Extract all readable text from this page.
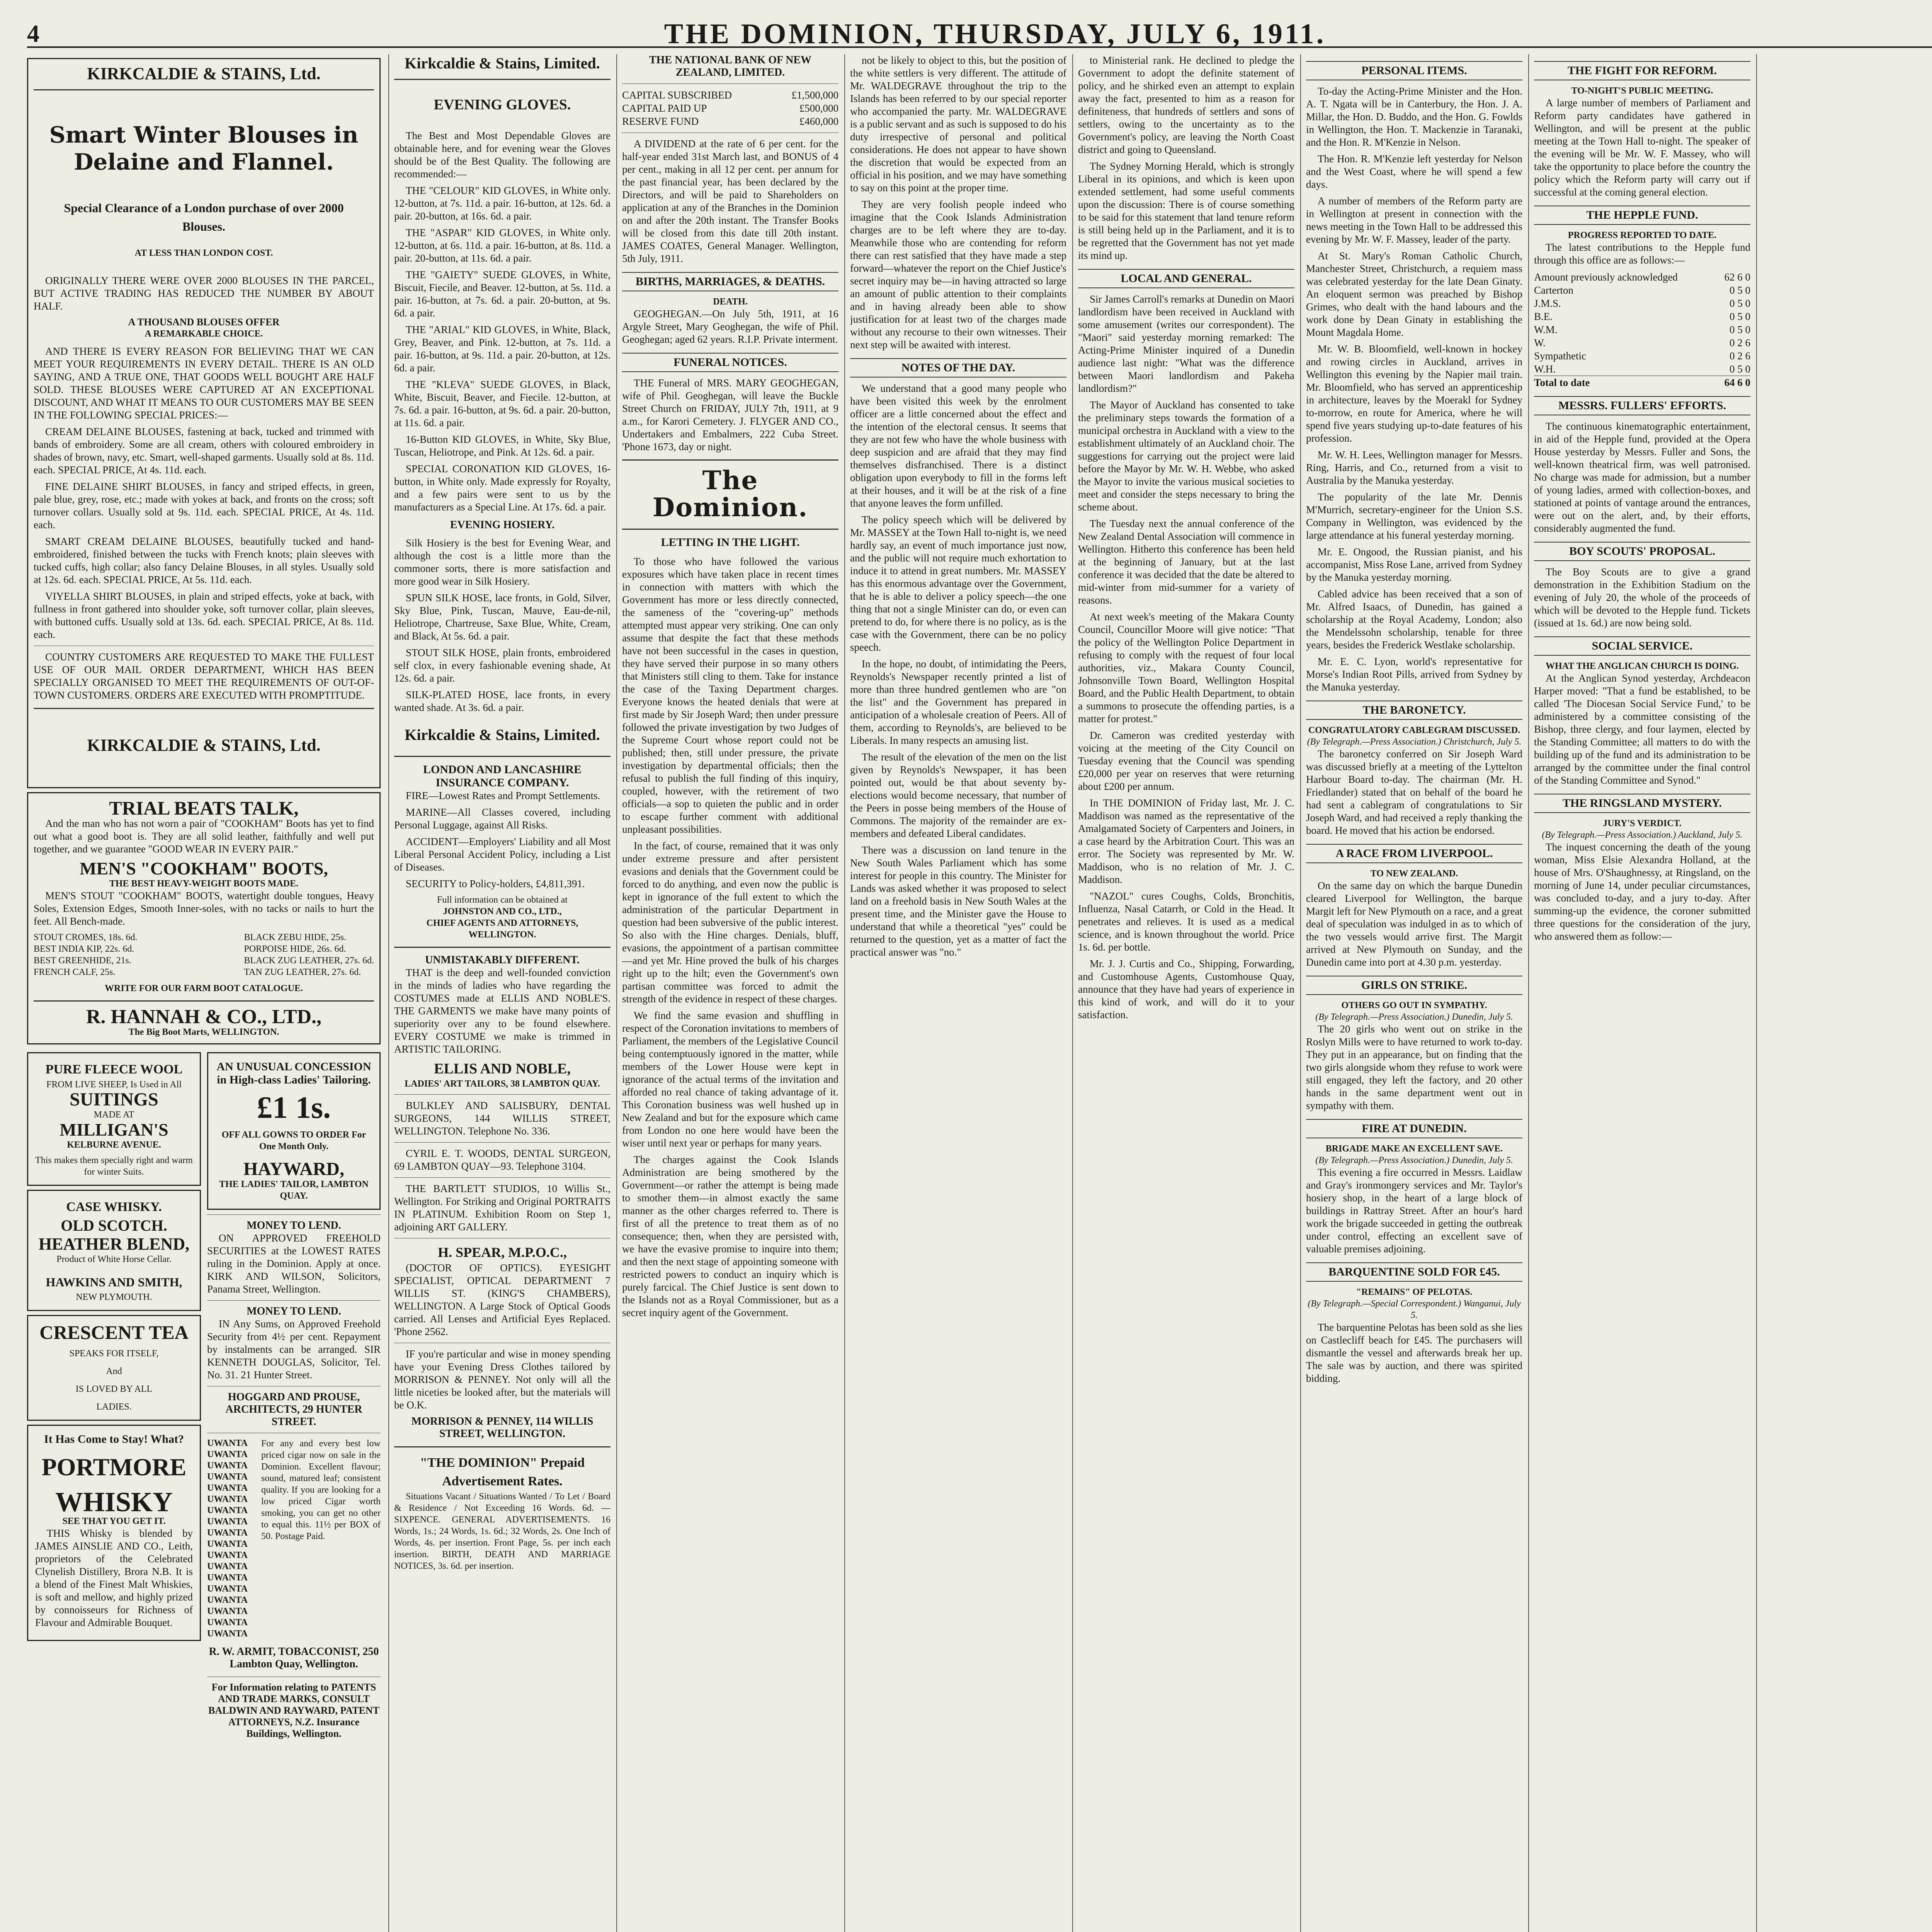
4	THE DOMINION, THURSDAY, JULY 6, 1911.
KIRKCALDIE & STAINS, Ltd.
Smart Winter Blouses in Delaine and Flannel.
Special Clearance of a London purchase of over 2000 Blouses.
AT LESS THAN LONDON COST.

ORIGINALLY THERE WERE OVER 2000 BLOUSES IN THE PARCEL, BUT ACTIVE TRADING HAS REDUCED THE NUMBER BY ABOUT HALF.

A THOUSAND BLOUSES OFFER
A REMARKABLE CHOICE.

AND THERE IS EVERY REASON FOR BELIEVING THAT WE CAN MEET YOUR REQUIREMENTS IN EVERY DETAIL. THERE IS AN OLD SAYING, AND A TRUE ONE, THAT GOODS WELL BOUGHT ARE HALF SOLD. THESE BLOUSES WERE CAPTURED AT AN EXCEPTIONAL DISCOUNT, AND WHAT IT MEANS TO OUR CUSTOMERS MAY BE SEEN IN THE FOLLOWING SPECIAL PRICES:—

CREAM DELAINE BLOUSES, fastening at back, tucked and trimmed with bands of embroidery. Some are all cream, others with coloured embroidery in shades of brown, navy, etc. Smart, well-shaped garments. Usually sold at 8s. 11d. each. SPECIAL PRICE, At 4s. 11d. each.

FINE DELAINE SHIRT BLOUSES, in fancy and striped effects, in green, pale blue, grey, rose, etc.; made with yokes at back, and fronts on the cross; soft turnover collars. Usually sold at 9s. 11d. each. SPECIAL PRICE, At 4s. 11d. each.

SMART CREAM DELAINE BLOUSES, beautifully tucked and hand-embroidered, finished between the tucks with French knots; plain sleeves with tucked cuffs, high collar; also fancy Delaine Blouses, in all styles. Usually sold at 12s. 6d. each. SPECIAL PRICE, At 5s. 11d. each.

VIYELLA SHIRT BLOUSES, in plain and striped effects, yoke at back, with fullness in front gathered into shoulder yoke, soft turnover collar, plain sleeves, with buttoned cuffs. Usually sold at 13s. 6d. each. SPECIAL PRICE, At 8s. 11d. each.

COUNTRY CUSTOMERS ARE REQUESTED TO MAKE THE FULLEST USE OF OUR MAIL ORDER DEPARTMENT, WHICH HAS BEEN SPECIALLY ORGANISED TO MEET THE REQUIREMENTS OF OUT-OF-TOWN CUSTOMERS. ORDERS ARE EXECUTED WITH PROMPTITUDE.

KIRKCALDIE & STAINS, Ltd.
TRIAL BEATS TALK,

And the man who has not worn a pair of "COOKHAM" Boots has yet to find out what a good boot is. They are all solid leather, faithfully and well put together, and we guarantee "GOOD WEAR IN EVERY PAIR."

MEN'S "COOKHAM" BOOTS,
THE BEST HEAVY-WEIGHT BOOTS MADE.

MEN'S STOUT "COOKHAM" BOOTS, watertight double tongues, Heavy Soles, Extension Edges, Smooth Inner-soles, with no tacks or nails to hurt the feet. All Bench-made.

STOUT CROMES, 18s. 6d.
BEST INDIA KIP, 22s. 6d.
BEST GREENHIDE, 21s.
FRENCH CALF, 25s.
BLACK ZEBU HIDE, 25s.
PORPOISE HIDE, 26s. 6d.
BLACK ZUG LEATHER, 27s. 6d.
TAN ZUG LEATHER, 27s. 6d.
WRITE FOR OUR FARM BOOT CATALOGUE.
R. HANNAH & CO., LTD.,
The Big Boot Marts, WELLINGTON.
PURE FLEECE WOOL
FROM LIVE SHEEP, Is Used in All
SUITINGS
MADE AT
MILLIGAN'S
KELBURNE AVENUE.
This makes them specially right and warm for winter Suits.
CASE WHISKY.
OLD SCOTCH.
HEATHER BLEND,
Product of White Horse Cellar.
HAWKINS AND SMITH,
NEW PLYMOUTH.
CRESCENT TEA
SPEAKS FOR ITSELF,
And
IS LOVED BY ALL
LADIES.
It Has Come to Stay! What?
PORTMORE
WHISKY
SEE THAT YOU GET IT.

THIS Whisky is blended by JAMES AINSLIE AND CO., Leith, proprietors of the Celebrated Clynelish Distillery, Brora N.B. It is a blend of the Finest Malt Whiskies, is soft and mellow, and highly prized by connoisseurs for Richness of Flavour and Admirable Bouquet.

AN UNUSUAL CONCESSION in High-class Ladies' Tailoring.
£1 1s.
OFF ALL GOWNS TO ORDER For One Month Only.
HAYWARD,
THE LADIES' TAILOR, LAMBTON QUAY.
MONEY TO LEND.

ON APPROVED FREEHOLD SECURITIES at the LOWEST RATES ruling in the Dominion. Apply at once. KIRK AND WILSON, Solicitors, Panama Street, Wellington.

MONEY TO LEND.

IN Any Sums, on Approved Freehold Security from 4½ per cent. Repayment by instalments can be arranged. SIR KENNETH DOUGLAS, Solicitor, Tel. No. 31. 21 Hunter Street.

HOGGARD AND PROUSE, ARCHITECTS, 29 HUNTER STREET.
UWANTA
UWANTA
UWANTA
UWANTA
UWANTA
UWANTA
UWANTA
UWANTA
UWANTA
UWANTA
UWANTA
UWANTA
UWANTA
UWANTA
UWANTA
UWANTA
UWANTA
UWANTA

For any and every best low priced cigar now on sale in the Dominion. Excellent flavour; sound, matured leaf; consistent quality. If you are looking for a low priced Cigar worth smoking, you can get no other to equal this. 11½ per BOX of 50. Postage Paid.

R. W. ARMIT, TOBACCONIST, 250 Lambton Quay, Wellington.
For Information relating to PATENTS AND TRADE MARKS, CONSULT BALDWIN AND RAYWARD, PATENT ATTORNEYS, N.Z. Insurance Buildings, Wellington.
Kirkcaldie & Stains, Limited.
EVENING GLOVES.

The Best and Most Dependable Gloves are obtainable here, and for evening wear the Gloves should be of the Best Quality. The following are recommended:—

THE "CELOUR" KID GLOVES, in White only. 12-button, at 7s. 11d. a pair. 16-button, at 12s. 6d. a pair. 20-button, at 16s. 6d. a pair.

THE "ASPAR" KID GLOVES, in White only. 12-button, at 6s. 11d. a pair. 16-button, at 8s. 11d. a pair. 20-button, at 11s. 6d. a pair.

THE "GAIETY" SUEDE GLOVES, in White, Biscuit, Fiecile, and Beaver. 12-button, at 5s. 11d. a pair. 16-button, at 7s. 6d. a pair. 20-button, at 9s. 6d. a pair.

THE "ARIAL" KID GLOVES, in White, Black, Grey, Beaver, and Pink. 12-button, at 7s. 11d. a pair. 16-button, at 9s. 11d. a pair. 20-button, at 12s. 6d. a pair.

THE "KLEVA" SUEDE GLOVES, in Black, White, Biscuit, Beaver, and Fiecile. 12-button, at 7s. 6d. a pair. 16-button, at 9s. 6d. a pair. 20-button, at 11s. 6d. a pair.

16-Button KID GLOVES, in White, Sky Blue, Tuscan, Heliotrope, and Pink. At 12s. 6d. a pair.

SPECIAL CORONATION KID GLOVES, 16-button, in White only. Made expressly for Royalty, and a few pairs were sent to us by the manufacturers as a Special Line. At 17s. 6d. a pair.

EVENING HOSIERY.

Silk Hosiery is the best for Evening Wear, and although the cost is a little more than the commoner sorts, there is more satisfaction and more good wear in Silk Hosiery.

SPUN SILK HOSE, lace fronts, in Gold, Silver, Sky Blue, Pink, Tuscan, Mauve, Eau-de-nil, Heliotrope, Chartreuse, Saxe Blue, White, Cream, and Black, At 5s. 6d. a pair.

STOUT SILK HOSE, plain fronts, embroidered self clox, in every fashionable evening shade, At 12s. 6d. a pair.

SILK-PLATED HOSE, lace fronts, in every wanted shade. At 3s. 6d. a pair.

Kirkcaldie & Stains, Limited.
LONDON AND LANCASHIRE INSURANCE COMPANY.

FIRE—Lowest Rates and Prompt Settlements.

MARINE—All Classes covered, including Personal Luggage, against All Risks.

ACCIDENT—Employers' Liability and all Most Liberal Personal Accident Policy, including a List of Diseases.

SECURITY to Policy-holders, £4,811,391.

Full information can be obtained at
JOHNSTON AND CO., LTD.,
CHIEF AGENTS AND ATTORNEYS, WELLINGTON.
UNMISTAKABLY DIFFERENT.

THAT is the deep and well-founded conviction in the minds of ladies who have regarding the COSTUMES made at ELLIS AND NOBLE'S. THE GARMENTS we make have many points of superiority over any to be found elsewhere. EVERY COSTUME we make is trimmed in ARTISTIC TAILORING.

ELLIS AND NOBLE,
LADIES' ART TAILORS, 38 LAMBTON QUAY.

BULKLEY AND SALISBURY, DENTAL SURGEONS, 144 WILLIS STREET, WELLINGTON. Telephone No. 336.

CYRIL E. T. WOODS, DENTAL SURGEON, 69 LAMBTON QUAY—93. Telephone 3104.

THE BARTLETT STUDIOS, 10 Willis St., Wellington. For Striking and Original PORTRAITS IN PLATINUM. Exhibition Room on Step 1, adjoining ART GALLERY.

H. SPEAR, M.P.O.C.,

(DOCTOR OF OPTICS). EYESIGHT SPECIALIST, OPTICAL DEPARTMENT 7 WILLIS ST. (KING'S CHAMBERS), WELLINGTON. A Large Stock of Optical Goods carried. All Lenses and Artificial Eyes Replaced. 'Phone 2562.

IF you're particular and wise in money spending have your Evening Dress Clothes tailored by MORRISON & PENNEY. Not only will all the little niceties be looked after, but the materials will be O.K.

MORRISON & PENNEY, 114 WILLIS STREET, WELLINGTON.
"THE DOMINION" Prepaid Advertisement Rates.

Situations Vacant / Situations Wanted / To Let / Board & Residence / Not Exceeding 16 Words. 6d. — SIXPENCE. GENERAL ADVERTISEMENTS. 16 Words, 1s.; 24 Words, 1s. 6d.; 32 Words, 2s. One Inch of Words, 4s. per insertion. Front Page, 5s. per inch each insertion. BIRTH, DEATH AND MARRIAGE NOTICES, 3s. 6d. per insertion.

THE NATIONAL BANK OF NEW ZEALAND, LIMITED.
CAPITAL SUBSCRIBED	£1,500,000
CAPITAL PAID UP	£500,000
RESERVE FUND	£460,000

A DIVIDEND at the rate of 6 per cent. for the half-year ended 31st March last, and BONUS of 4 per cent., making in all 12 per cent. per annum for the past financial year, has been declared by the Directors, and will be paid to Shareholders on application at any of the Branches in the Dominion on and after the 20th instant. The Transfer Books will be closed from this date till 20th instant. JAMES COATES, General Manager. Wellington, 5th July, 1911.

BIRTHS, MARRIAGES, & DEATHS.
DEATH.

GEOGHEGAN.—On July 5th, 1911, at 16 Argyle Street, Mary Geoghegan, the wife of Phil. Geoghegan; aged 62 years. R.I.P. Private interment.

FUNERAL NOTICES.

THE Funeral of MRS. MARY GEOGHEGAN, wife of Phil. Geoghegan, will leave the Buckle Street Church on FRIDAY, JULY 7th, 1911, at 9 a.m., for Karori Cemetery. J. FLYGER AND CO., Undertakers and Embalmers, 222 Cuba Street. 'Phone 1673, day or night.

The Dominion.
LETTING IN THE LIGHT.

To those who have followed the various exposures which have taken place in recent times in connection with matters with which the Government has more or less directly connected, the sameness of the "covering-up" methods attempted must appear very striking. One can only assume that despite the fact that these methods have not been successful in the cases in question, they have served their purpose in so many others that Ministers still cling to them. Take for instance the case of the Taxing Department charges. Everyone knows the heated denials that were at first made by Sir Joseph Ward; then under pressure followed the private investigation by two Judges of the Supreme Court whose report could not be published; then, still under pressure, the private investigation by departmental officials; then the refusal to publish the full finding of this inquiry, coupled, however, with the retirement of two officials—a sop to quieten the public and in order to escape further comment with additional unpleasant possibilities.

In the fact, of course, remained that it was only under extreme pressure and after persistent evasions and denials that the Government could be forced to do anything, and even now the public is kept in ignorance of the full extent to which the administration of the particular Department in question had been subversive of the public interest. So also with the Hine charges. Denials, bluff, evasions, the appointment of a partisan committee—and yet Mr. Hine proved the bulk of his charges right up to the hilt; even the Government's own partisan committee was forced to admit the strength of the evidence in respect of these charges.

We find the same evasion and shuffling in respect of the Coronation invitations to members of Parliament, the members of the Legislative Council being contemptuously ignored in the matter, while members of the Lower House were kept in ignorance of the actual terms of the invitation and afforded no real chance of taking advantage of it. This Coronation business was well hushed up in New Zealand and but for the exposure which came from London no one here would have been the wiser until next year or perhaps for many years.

The charges against the Cook Islands Administration are being smothered by the Government—or rather the attempt is being made to smother them—in almost exactly the same manner as the other charges referred to. There is first of all the pretence to treat them as of no consequence; then, when they are persisted with, we have the evasive promise to inquire into them; and then the next stage of appointing someone with restricted powers to conduct an inquiry which is purely farcical. The Chief Justice is sent down to the Islands not as a Royal Commissioner, but as a secret inquiry agent of the Government.

not be likely to object to this, but the position of the white settlers is very different. The attitude of Mr. WALDEGRAVE throughout the trip to the Islands has been referred to by our special reporter who accompanied the party. Mr. WALDEGRAVE is a public servant and as such is supposed to do his duty irrespective of personal and political considerations. He does not appear to have shown the discretion that would be expected from an official in his position, and we may have something to say on this point at the proper time.

They are very foolish people indeed who imagine that the Cook Islands Administration charges are to be left where they are to-day. Meanwhile those who are contending for reform there can rest satisfied that they have made a step forward—whatever the report on the Chief Justice's secret inquiry may be—in having attracted so large an amount of public attention to their complaints and in having already been able to show justification for at least two of the charges made without any recourse to their own witnesses. Their next step will be awaited with interest.

NOTES OF THE DAY.

We understand that a good many people who have been visited this week by the enrolment officer are a little concerned about the effect and the intention of the electoral census. It seems that they are not few who have the whole business with deep suspicion and are afraid that they may find themselves disfranchised. There is a distinct obligation upon everybody to fill in the forms left at their houses, and it will be at the risk of a fine that anyone leaves the form unfilled.

The policy speech which will be delivered by Mr. MASSEY at the Town Hall to-night is, we need hardly say, an event of much importance just now, and the public will not require much exhortation to induce it to attend in great numbers. Mr. MASSEY has this enormous advantage over the Government, that he is able to deliver a policy speech—the one thing that not a single Minister can do, or even can pretend to do, for where there is no policy, as is the case with the Government, there can be no policy speech.

In the hope, no doubt, of intimidating the Peers, Reynolds's Newspaper recently printed a list of more than three hundred gentlemen who are "on the list" and the Government has prepared in anticipation of a wholesale creation of Peers. All of them, according to Reynolds's, are believed to be Liberals. In many respects an amusing list.

The result of the elevation of the men on the list given by Reynolds's Newspaper, it has been pointed out, would be that about seventy by-elections would become necessary, that number of the Peers in posse being members of the House of Commons. The majority of the remainder are ex-members and defeated Liberal candidates.

There was a discussion on land tenure in the New South Wales Parliament which has some interest for people in this country. The Minister for Lands was asked whether it was proposed to select land on a freehold basis in New South Wales at the present time, and the Minister gave the House to understand that while a theoretical "yes" could be returned to the question, yet as a matter of fact the practical answer was "no."

to Ministerial rank. He declined to pledge the Government to adopt the definite statement of policy, and he shirked even an attempt to explain away the fact, presented to him as a reason for definiteness, that hundreds of settlers and sons of settlers, owing to the uncertainty as to the Government's policy, are leaving the North Coast district and going to Queensland.

The Sydney Morning Herald, which is strongly Liberal in its opinions, and which is keen upon extended settlement, had some useful comments upon the discussion: There is of course something to be said for this statement that land tenure reform is still being held up in the Parliament, and it is to be regretted that the Government has not yet made its mind up.

LOCAL AND GENERAL.

Sir James Carroll's remarks at Dunedin on Maori landlordism have been received in Auckland with some amusement (writes our correspondent). The "Maori" said yesterday morning remarked: The Acting-Prime Minister inquired of a Dunedin audience last night: "What was the difference between Maori landlordism and Pakeha landlordism?"

The Mayor of Auckland has consented to take the preliminary steps towards the formation of a municipal orchestra in Auckland with a view to the establishment ultimately of an Auckland choir. The suggestions for carrying out the project were laid before the Mayor by Mr. W. H. Webbe, who asked the Mayor to invite the various musical societies to meet and consider the steps necessary to bring the scheme about.

The Tuesday next the annual conference of the New Zealand Dental Association will commence in Wellington. Hitherto this conference has been held at the beginning of January, but at the last conference it was decided that the date be altered to mid-winter from mid-summer for a variety of reasons.

At next week's meeting of the Makara County Council, Councillor Moore will give notice: "That the policy of the Wellington Police Department in refusing to comply with the request of four local authorities, viz., Makara County Council, Johnsonville Town Board, Wellington Hospital Board, and the Public Health Department, to obtain a summons to prosecute the offending parties, is a matter for protest."

Dr. Cameron was credited yesterday with voicing at the meeting of the City Council on Tuesday evening that the Council was spending £20,000 per year on reserves that were returning about £200 per annum.

In THE DOMINION of Friday last, Mr. J. C. Maddison was named as the representative of the Amalgamated Society of Carpenters and Joiners, in a case heard by the Arbitration Court. This was an error. The Society was represented by Mr. W. Maddison, who is no relation of Mr. J. C. Maddison.

"NAZOL" cures Coughs, Colds, Bronchitis, Influenza, Nasal Catarrh, or Cold in the Head. It penetrates and relieves. It is used as a medical science, and is known throughout the world. Price 1s. 6d. per bottle.

Mr. J. J. Curtis and Co., Shipping, Forwarding, and Customhouse Agents, Customhouse Quay, announce that they have had years of experience in this kind of work, and will do it to your satisfaction.

PERSONAL ITEMS.

To-day the Acting-Prime Minister and the Hon. A. T. Ngata will be in Canterbury, the Hon. J. A. Millar, the Hon. D. Buddo, and the Hon. G. Fowlds in Wellington, the Hon. T. Mackenzie in Taranaki, and the Hon. R. M'Kenzie in Nelson.

The Hon. R. M'Kenzie left yesterday for Nelson and the West Coast, where he will spend a few days.

A number of members of the Reform party are in Wellington at present in connection with the news meeting in the Town Hall to be addressed this evening by Mr. W. F. Massey, leader of the party.

At St. Mary's Roman Catholic Church, Manchester Street, Christchurch, a requiem mass was celebrated yesterday for the late Dean Ginaty. An eloquent sermon was preached by Bishop Grimes, who dealt with the hand labours and the work done by Dean Ginaty in establishing the Mount Magdala Home.

Mr. W. B. Bloomfield, well-known in hockey and rowing circles in Auckland, arrives in Wellington this evening by the Napier mail train. Mr. Bloomfield, who has served an apprenticeship in architecture, leaves by the Moerakl for Sydney to-morrow, en route for America, where he will spend five years studying up-to-date features of his profession.

Mr. W. H. Lees, Wellington manager for Messrs. Ring, Harris, and Co., returned from a visit to Australia by the Manuka yesterday.

The popularity of the late Mr. Dennis M'Murrich, secretary-engineer for the Union S.S. Company in Wellington, was evidenced by the large attendance at his funeral yesterday morning.

Mr. E. Ongood, the Russian pianist, and his accompanist, Miss Rose Lane, arrived from Sydney by the Manuka yesterday morning.

Cabled advice has been received that a son of Mr. Alfred Isaacs, of Dunedin, has gained a scholarship at the Royal Academy, London; also the Mendelssohn scholarship, tenable for three years, besides the Frederick Westlake scholarship.

Mr. E. C. Lyon, world's representative for Morse's Indian Root Pills, arrived from Sydney by the Manuka yesterday.

THE BARONETCY.
CONGRATULATORY CABLEGRAM DISCUSSED.
(By Telegraph.—Press Association.) Christchurch, July 5.

The baronetcy conferred on Sir Joseph Ward was discussed briefly at a meeting of the Lyttelton Harbour Board to-day. The chairman (Mr. H. Friedlander) stated that on behalf of the board he had sent a cablegram of congratulations to Sir Joseph Ward, and had received a reply thanking the board. He moved that his action be endorsed.

A RACE FROM LIVERPOOL.
TO NEW ZEALAND.

On the same day on which the barque Dunedin cleared Liverpool for Wellington, the barque Margit left for New Plymouth on a race, and a great deal of speculation was indulged in as to which of the two vessels would arrive first. The Margit arrived at New Plymouth on Sunday, and the Dunedin came into port at 4.30 p.m. yesterday.

GIRLS ON STRIKE.
OTHERS GO OUT IN SYMPATHY.
(By Telegraph.—Press Association.) Dunedin, July 5.

The 20 girls who went out on strike in the Roslyn Mills were to have returned to work to-day. They put in an appearance, but on finding that the two girls alongside whom they refuse to work were still engaged, they left the factory, and 20 other hands in the same department went out in sympathy with them.

FIRE AT DUNEDIN.
BRIGADE MAKE AN EXCELLENT SAVE.
(By Telegraph.—Press Association.) Dunedin, July 5.

This evening a fire occurred in Messrs. Laidlaw and Gray's ironmongery services and Mr. Taylor's hosiery shop, in the heart of a large block of buildings in Rattray Street. After an hour's hard work the brigade succeeded in getting the outbreak under control, effecting an excellent save of valuable premises adjoining.

BARQUENTINE SOLD FOR £45.
"REMAINS" OF PELOTAS.
(By Telegraph.—Special Correspondent.) Wanganui, July 5.

The barquentine Pelotas has been sold as she lies on Castlecliff beach for £45. The purchasers will dismantle the vessel and afterwards break her up. The sale was by auction, and there was spirited bidding.

THE FIGHT FOR REFORM.
TO-NIGHT'S PUBLIC MEETING.

A large number of members of Parliament and Reform party candidates have gathered in Wellington, and will be present at the public meeting at the Town Hall to-night. The speaker of the evening will be Mr. W. F. Massey, who will take the opportunity to place before the country the policy which the Reform party will carry out if successful at the coming general election.

THE HEPPLE FUND.
PROGRESS REPORTED TO DATE.

The latest contributions to the Hepple fund through this office are as follows:—

Amount previously acknowledged	62 6 0
Carterton	0 5 0
J.M.S.	0 5 0
B.E.	0 5 0
W.M.	0 5 0
W.	0 2 6
Sympathetic	0 2 6
W.H.	0 5 0
Total to date	64 6 0
MESSRS. FULLERS' EFFORTS.

The continuous kinematographic entertainment, in aid of the Hepple fund, provided at the Opera House yesterday by Messrs. Fuller and Sons, the well-known theatrical firm, was well patronised. No charge was made for admission, but a number of young ladies, armed with collection-boxes, and stationed at points of vantage around the entrances, were out on the alert, and, by their efforts, considerably augmented the fund.

BOY SCOUTS' PROPOSAL.

The Boy Scouts are to give a grand demonstration in the Exhibition Stadium on the evening of July 20, the whole of the proceeds of which will be devoted to the Hepple fund. Tickets (issued at 1s. 6d.) are now being sold.

SOCIAL SERVICE.
WHAT THE ANGLICAN CHURCH IS DOING.

At the Anglican Synod yesterday, Archdeacon Harper moved: "That a fund be established, to be called 'The Diocesan Social Service Fund,' to be administered by a committee consisting of the Bishop, three clergy, and four laymen, elected by the Standing Committee; all matters to do with the building up of the fund and its administration to be arranged by the committee under the final control of the Standing Committee and Synod."

THE RINGSLAND MYSTERY.
JURY'S VERDICT.
(By Telegraph.—Press Association.) Auckland, July 5.

The inquest concerning the death of the young woman, Miss Elsie Alexandra Holland, at the house of Mrs. O'Shaughnessy, at Ringsland, on the morning of June 14, under peculiar circumstances, was concluded to-day, and a jury to-day. After summing-up the evidence, the coroner submitted three questions for the consideration of the jury, who answered them as follow:—
